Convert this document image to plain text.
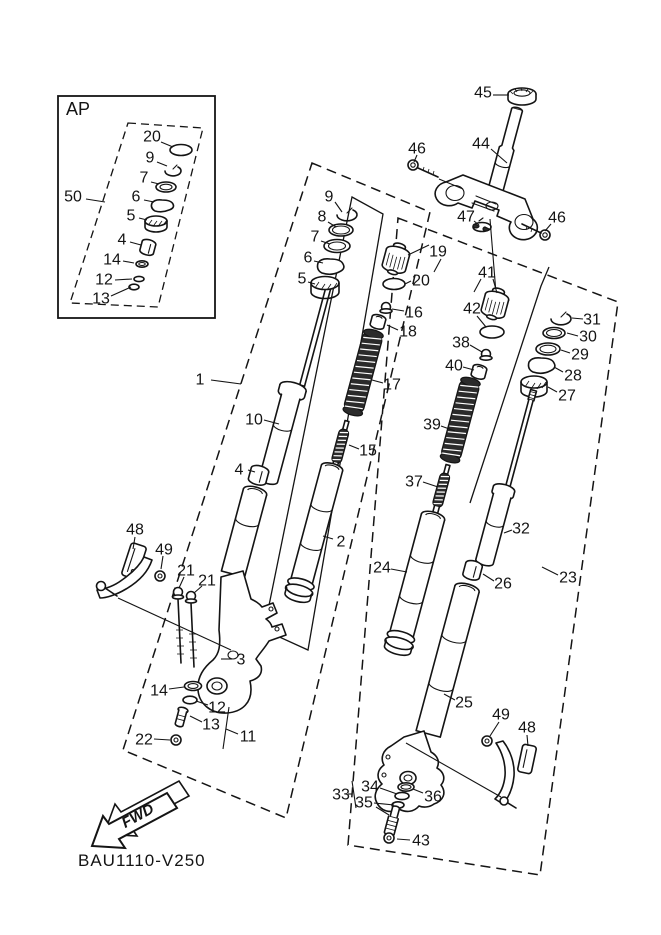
AP
FWD
BAU1110-V250
50
20
9
7
6
5
4
14
12
13
1
10
4
2
15
17
16
18
19
20
9
8
7
6
5
3
21
21
14
12
13
11
22
48
49
44
45
46
46
47
41
42
38
40
39
37
24
26
32
25
23
31
30
29
28
27
33 34
35	36
43
49
48
